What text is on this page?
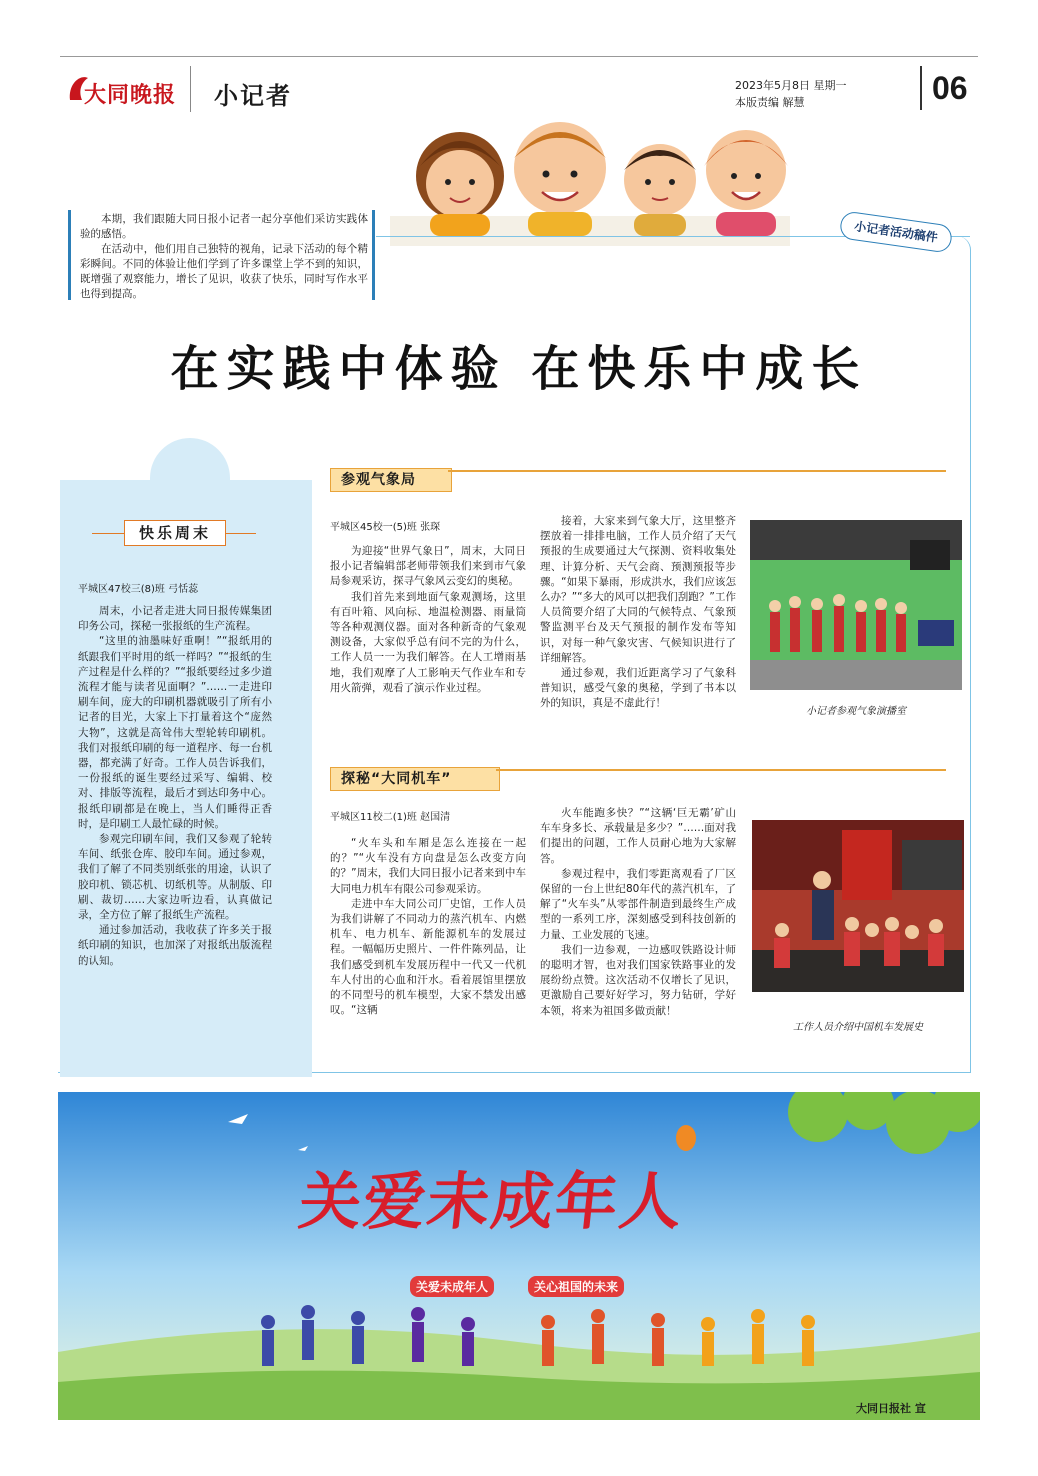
大同晚报 小记者	2023年5月8日 星期一
本版责编 解慧	06

本期，我们跟随大同日报小记者一起分享他们采访实践体验的感悟。

在活动中，他们用自己独特的视角，记录下活动的每个精彩瞬间。不同的体验让他们学到了许多课堂上学不到的知识，既增强了观察能力，增长了见识，收获了快乐，同时写作水平也得到提高。

小记者活动稿件
在实践中体验 在快乐中成长
快乐周末
平城区47校三(8)班 弓恬蕊

周末，小记者走进大同日报传媒集团印务公司，探秘一张报纸的生产流程。

“这里的油墨味好重啊！”“报纸用的纸跟我们平时用的纸一样吗？”“报纸的生产过程是什么样的？”“报纸要经过多少道流程才能与读者见面啊？”……一走进印刷车间，庞大的印刷机器就吸引了所有小记者的目光，大家上下打量着这个“庞然大物”，这就是高耸伟大型轮转印刷机。我们对报纸印刷的每一道程序、每一台机器，都充满了好奇。工作人员告诉我们，一份报纸的诞生要经过采写、编辑、校对、排版等流程，最后才到达印务中心。报纸印刷都是在晚上，当人们睡得正香时，是印刷工人最忙碌的时候。

参观完印刷车间，我们又参观了轮转车间、纸张仓库、胶印车间。通过参观，我们了解了不同类别纸张的用途，认识了胶印机、锁芯机、切纸机等。从制版、印刷、裁切……大家边听边看，认真做记录，全方位了解了报纸生产流程。

通过参加活动，我收获了许多关于报纸印刷的知识，也加深了对报纸出版流程的认知。

参观气象局
平城区45校一(5)班 张琛

为迎接“世界气象日”，周末，大同日报小记者编辑部老师带领我们来到市气象局参观采访，探寻气象风云变幻的奥秘。

我们首先来到地面气象观测场，这里有百叶箱、风向标、地温检测器、雨量筒等各种观测仪器。面对各种新奇的气象观测设备，大家似乎总有问不完的为什么，工作人员一一为我们解答。在人工增雨基地，我们观摩了人工影响天气作业车和专用火箭弹，观看了演示作业过程。

接着，大家来到气象大厅，这里整齐摆放着一排排电脑，工作人员介绍了天气预报的生成要通过大气探测、资料收集处理、计算分析、天气会商、预测预报等步骤。“如果下暴雨，形成洪水，我们应该怎么办？”“多大的风可以把我们刮跑？”工作人员简要介绍了大同的气候特点、气象预警监测平台及天气预报的制作发布等知识，对每一种气象灾害、气候知识进行了详细解答。

通过参观，我们近距离学习了气象科普知识，感受气象的奥秘，学到了书本以外的知识，真是不虚此行！

小记者参观气象演播室
探秘“大同机车”
平城区11校二(1)班 赵国清

“火车头和车厢是怎么连接在一起的？”“火车没有方向盘是怎么改变方向的？”周末，我们大同日报小记者来到中车大同电力机车有限公司参观采访。

走进中车大同公司厂史馆，工作人员为我们讲解了不同动力的蒸汽机车、内燃机车、电力机车、新能源机车的发展过程。一幅幅历史照片、一件件陈列品，让我们感受到机车发展历程中一代又一代机车人付出的心血和汗水。看着展馆里摆放的不同型号的机车模型，大家不禁发出感叹。“这辆

火车能跑多快？”“这辆‘巨无霸’矿山车车身多长、承载量是多少？”……面对我们提出的问题，工作人员耐心地为大家解答。

参观过程中，我们零距离观看了厂区保留的一台上世纪80年代的蒸汽机车，了解了“火车头”从零部件制造到最终生产成型的一系列工序，深刻感受到科技创新的力量、工业发展的飞速。

我们一边参观，一边感叹铁路设计师的聪明才智，也对我们国家铁路事业的发展纷纷点赞。这次活动不仅增长了见识，更激励自己要好好学习，努力钻研，学好本领，将来为祖国多做贡献！

工作人员介绍中国机车发展史
关爱未成年人
关爱未成年人	关心祖国的未来
大同日报社 宣
